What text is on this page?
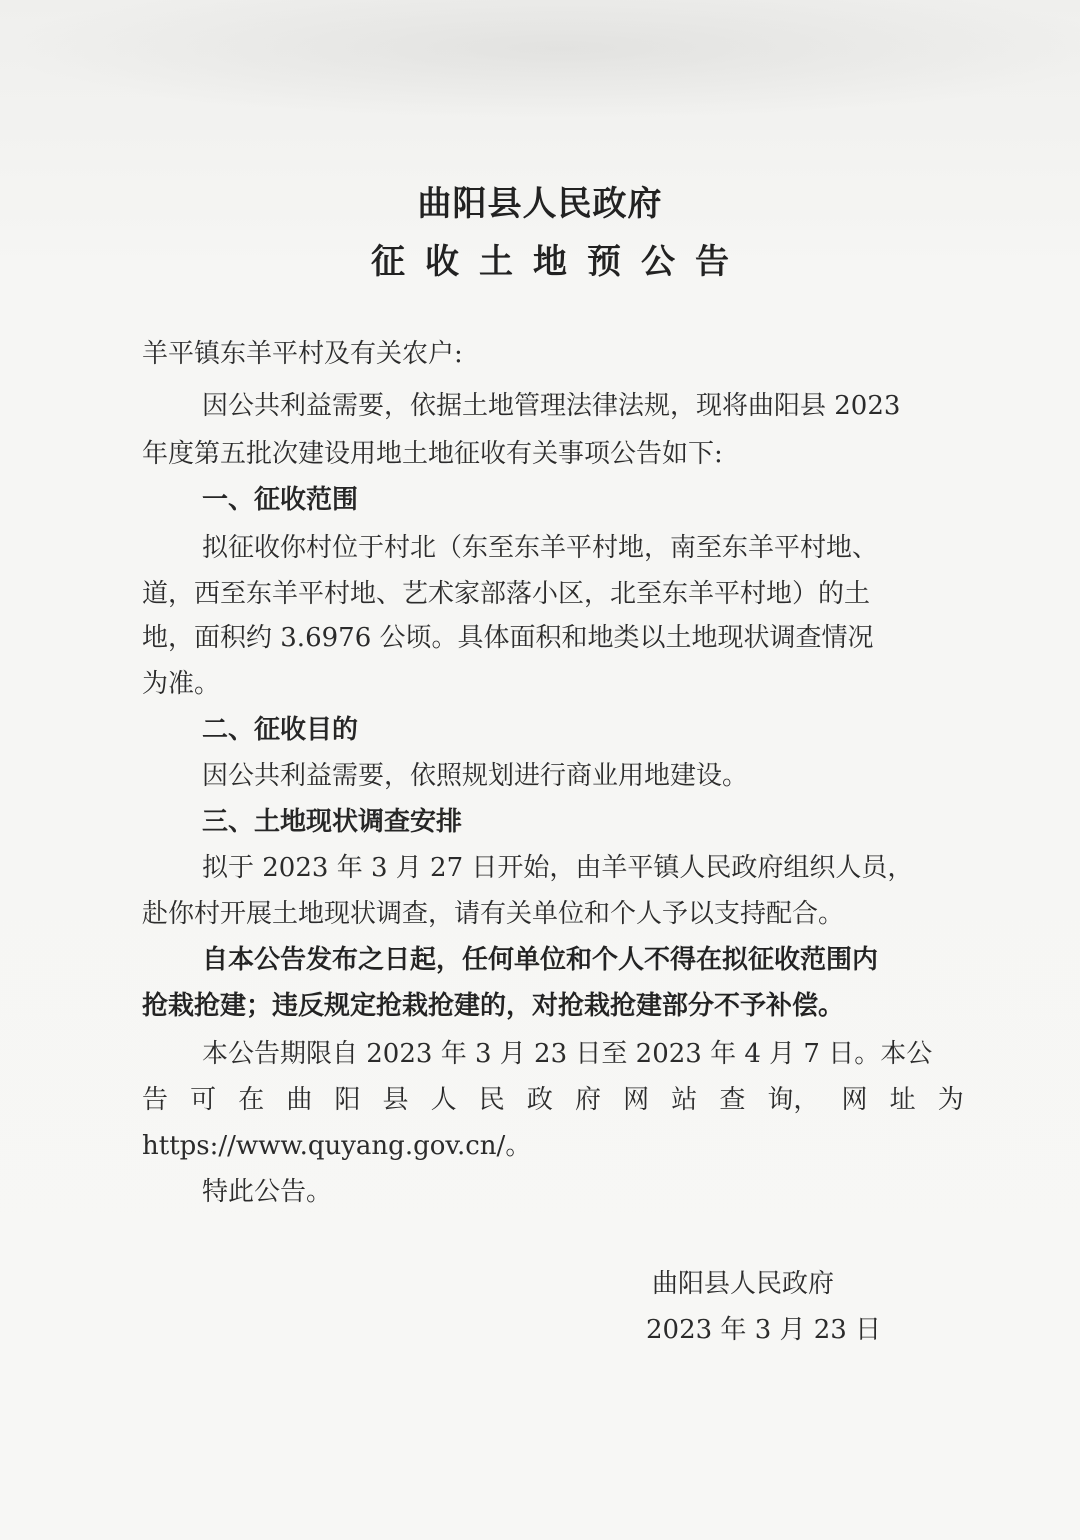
曲阳县人民政府
征收土地预公告
羊平镇东羊平村及有关农户:
因公共利益需要，依据土地管理法律法规，现将曲阳县 2023
年度第五批次建设用地土地征收有关事项公告如下:
一、征收范围
拟征收你村位于村北（东至东羊平村地，南至东羊平村地、
道，西至东羊平村地、艺术家部落小区，北至东羊平村地）的土
地，面积约 3.6976 公顷。具体面积和地类以土地现状调查情况
为准。
二、征收目的
因公共利益需要，依照规划进行商业用地建设。
三、土地现状调查安排
拟于 2023 年 3 月 27 日开始，由羊平镇人民政府组织人员，
赴你村开展土地现状调查，请有关单位和个人予以支持配合。
自本公告发布之日起，任何单位和个人不得在拟征收范围内
抢栽抢建；违反规定抢栽抢建的，对抢栽抢建部分不予补偿。
本公告期限自 2023 年 3 月 23 日至 2023 年 4 月 7 日。本公
告 可 在 曲 阳 县 人 民 政 府 网 站 查 询， 网 址 为
https://www.quyang.gov.cn/。
特此公告。
曲阳县人民政府
2023 年 3 月 23 日
